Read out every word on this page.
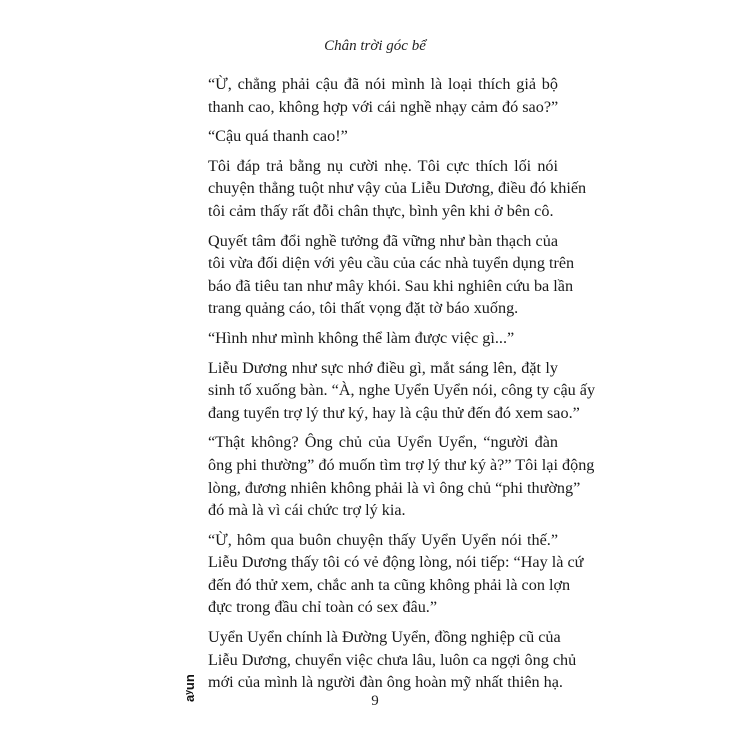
Chân trời góc bể

“Ừ, chẳng phải cậu đã nói mình là loại thích giả bộ
thanh cao, không hợp với cái nghề nhạy cảm đó sao?”

“Cậu quá thanh cao!”

Tôi đáp trả bằng nụ cười nhẹ. Tôi cực thích lối nói
chuyện thẳng tuột như vậy của Liễu Dương, điều đó khiến
tôi cảm thấy rất đỗi chân thực, bình yên khi ở bên cô.

Quyết tâm đổi nghề tưởng đã vững như bàn thạch của
tôi vừa đối diện với yêu cầu của các nhà tuyển dụng trên
báo đã tiêu tan như mây khói. Sau khi nghiên cứu ba lần
trang quảng cáo, tôi thất vọng đặt tờ báo xuống.

“Hình như mình không thể làm được việc gì...”

Liễu Dương như sực nhớ điều gì, mắt sáng lên, đặt ly
sinh tố xuống bàn. “À, nghe Uyển Uyển nói, công ty cậu ấy
đang tuyển trợ lý thư ký, hay là cậu thử đến đó xem sao.”

“Thật không? Ông chủ của Uyển Uyển, “người đàn
ông phi thường” đó muốn tìm trợ lý thư ký à?” Tôi lại động
lòng, đương nhiên không phải là vì ông chủ “phi thường”
đó mà là vì cái chức trợ lý kia.

“Ừ, hôm qua buôn chuyện thấy Uyển Uyển nói thế.”
Liễu Dương thấy tôi có vẻ động lòng, nói tiếp: “Hay là cứ
đến đó thử xem, chắc anh ta cũng không phải là con lợn
đực trong đầu chỉ toàn có sex đâu.”

Uyển Uyển chính là Đường Uyển, đồng nghiệp cũ của
Liễu Dương, chuyển việc chưa lâu, luôn ca ngợi ông chủ
mới của mình là người đàn ông hoàn mỹ nhất thiên hạ.

aʸun	9
